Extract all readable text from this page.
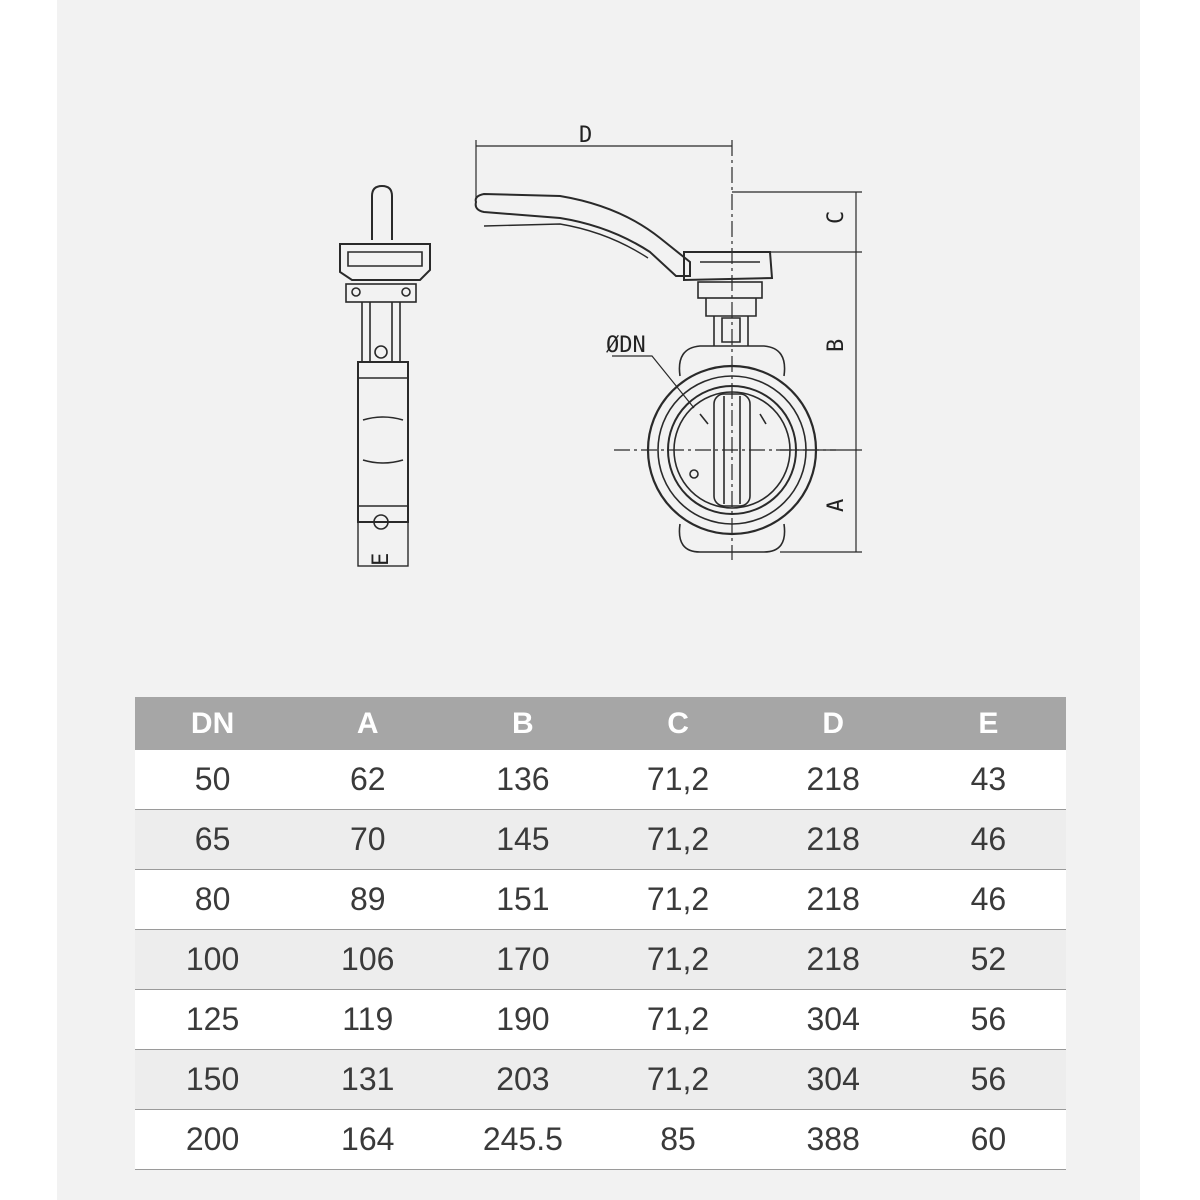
D
C
B
A
E
ØDN
DN	A	B	C	D	E
50	62	136	71,2	218	43
65	70	145	71,2	218	46
80	89	151	71,2	218	46
100	106	170	71,2	218	52
125	119	190	71,2	304	56
150	131	203	71,2	304	56
200	164	245.5	85	388	60
